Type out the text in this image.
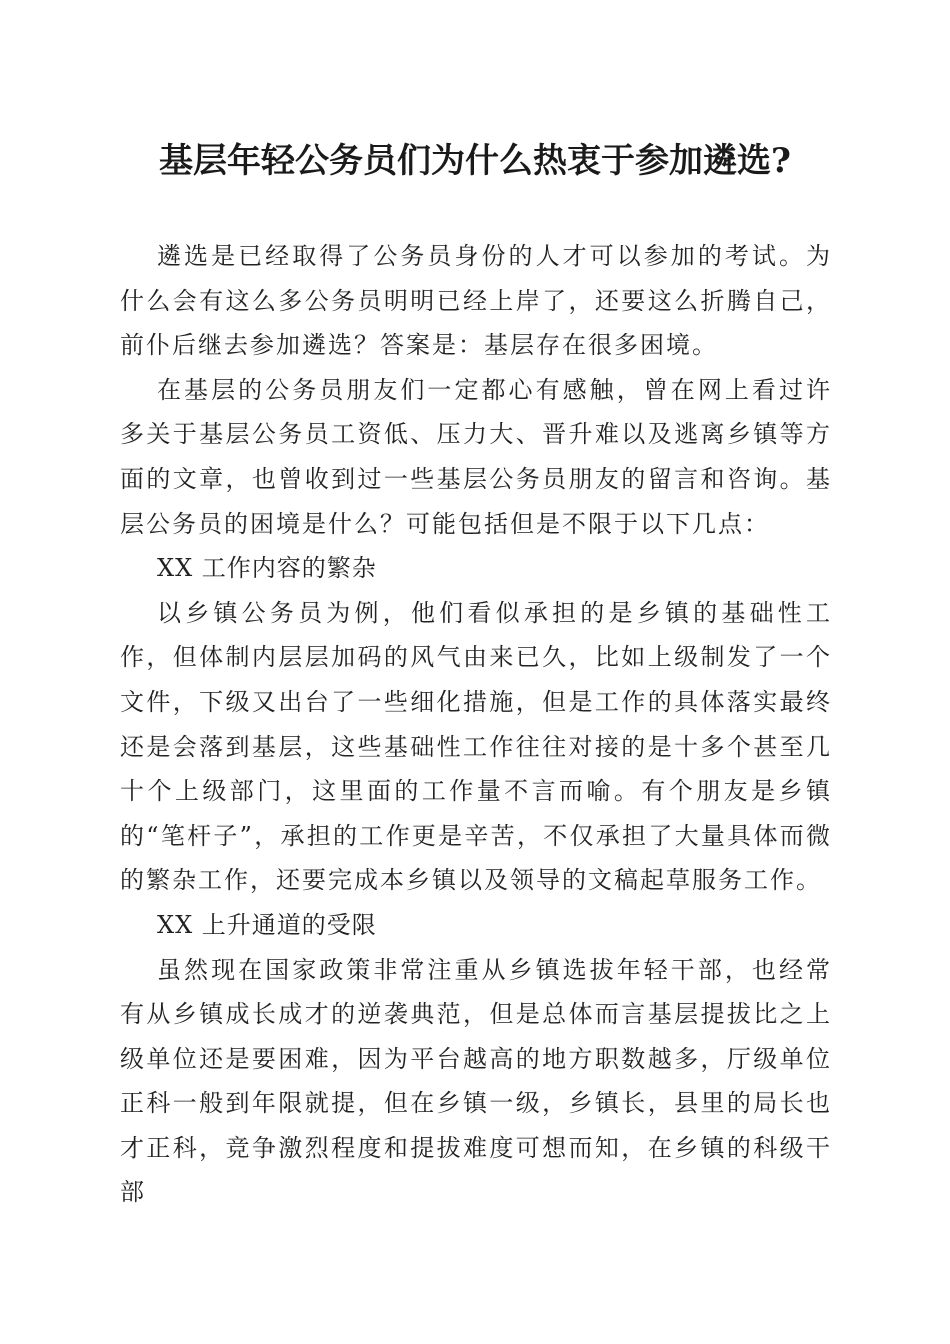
基层年轻公务员们为什么热衷于参加遴选?

遴选是已经取得了公务员身份的人才可以参加的考试。为什么会有这么多公务员明明已经上岸了，还要这么折腾自己，前仆后继去参加遴选？答案是：基层存在很多困境。

在基层的公务员朋友们一定都心有感触，曾在网上看过许多关于基层公务员工资低、压力大、晋升难以及逃离乡镇等方面的文章，也曾收到过一些基层公务员朋友的留言和咨询。基层公务员的困境是什么？可能包括但是不限于以下几点：

XX 工作内容的繁杂

以乡镇公务员为例，他们看似承担的是乡镇的基础性工作，但体制内层层加码的风气由来已久，比如上级制发了一个文件，下级又出台了一些细化措施，但是工作的具体落实最终还是会落到基层，这些基础性工作往往对接的是十多个甚至几十个上级部门，这里面的工作量不言而喻。有个朋友是乡镇的“笔杆子”，承担的工作更是辛苦，不仅承担了大量具体而微的繁杂工作，还要完成本乡镇以及领导的文稿起草服务工作。

XX 上升通道的受限

虽然现在国家政策非常注重从乡镇选拔年轻干部，也经常有从乡镇成长成才的逆袭典范，但是总体而言基层提拔比之上级单位还是要困难，因为平台越高的地方职数越多，厅级单位正科一般到年限就提，但在乡镇一级，乡镇长，县里的局长也才正科，竞争激烈程度和提拔难度可想而知，在乡镇的科级干部
